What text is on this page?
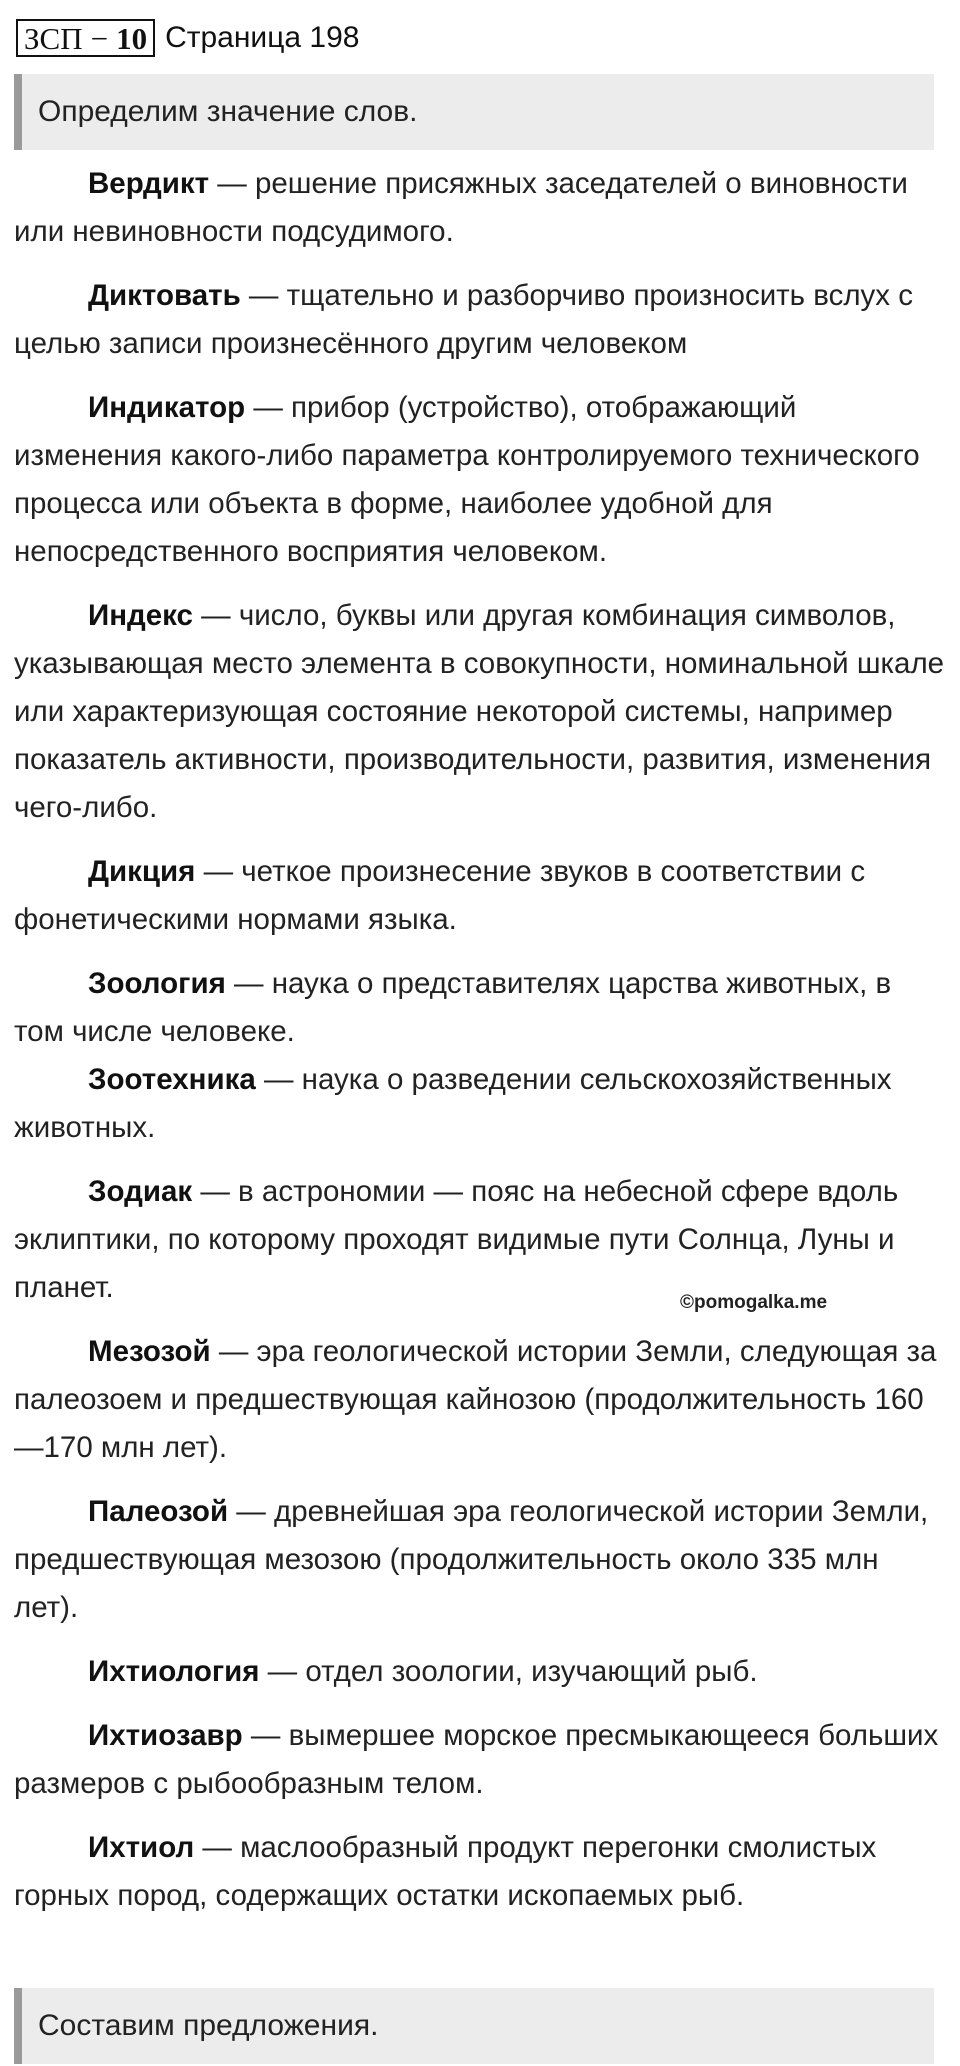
ЗСП − 10 Страница 198
Определим значение слов.

Вердикт — решение присяжных заседателей о виновности или невиновности подсудимого.

Диктовать — тщательно и разборчиво произносить вслух с целью записи произнесённого другим человеком

Индикатор — прибор (устройство), отображающий изменения какого-либо параметра контролируемого технического процесса или объекта в форме, наиболее удобной для непосредственного восприятия человеком.

Индекс — число, буквы или другая комбинация символов, указывающая место элемента в совокупности, номинальной шкале или характеризующая состояние некоторой системы, например показатель активности, производительности, развития, изменения чего-либо.

Дикция — четкое произнесение звуков в соответствии с фонетическими нормами языка.

Зоология — наука о представителях царства животных, в том числе человеке.

Зоотехника — наука о разведении сельскохозяйственных животных.

Зодиак — в астрономии — пояс на небесной сфере вдоль эклиптики, по которому проходят видимые пути Солнца, Луны и планет.

Мезозой — эра геологической истории Земли, следующая за палеозоем и предшествующая кайнозою (продолжительность 160—170 млн лет).

Палеозой — древнейшая эра геологической истории Земли, предшествующая мезозою (продолжительность около 335 млн лет).

Ихтиология — отдел зоологии, изучающий рыб.

Ихтиозавр — вымершее морское пресмыкающееся больших размеров с рыбообразным телом.

Ихтиол — маслообразный продукт перегонки смолистых горных пород, содержащих остатки ископаемых рыб.

©pomogalka.me
Составим предложения.
